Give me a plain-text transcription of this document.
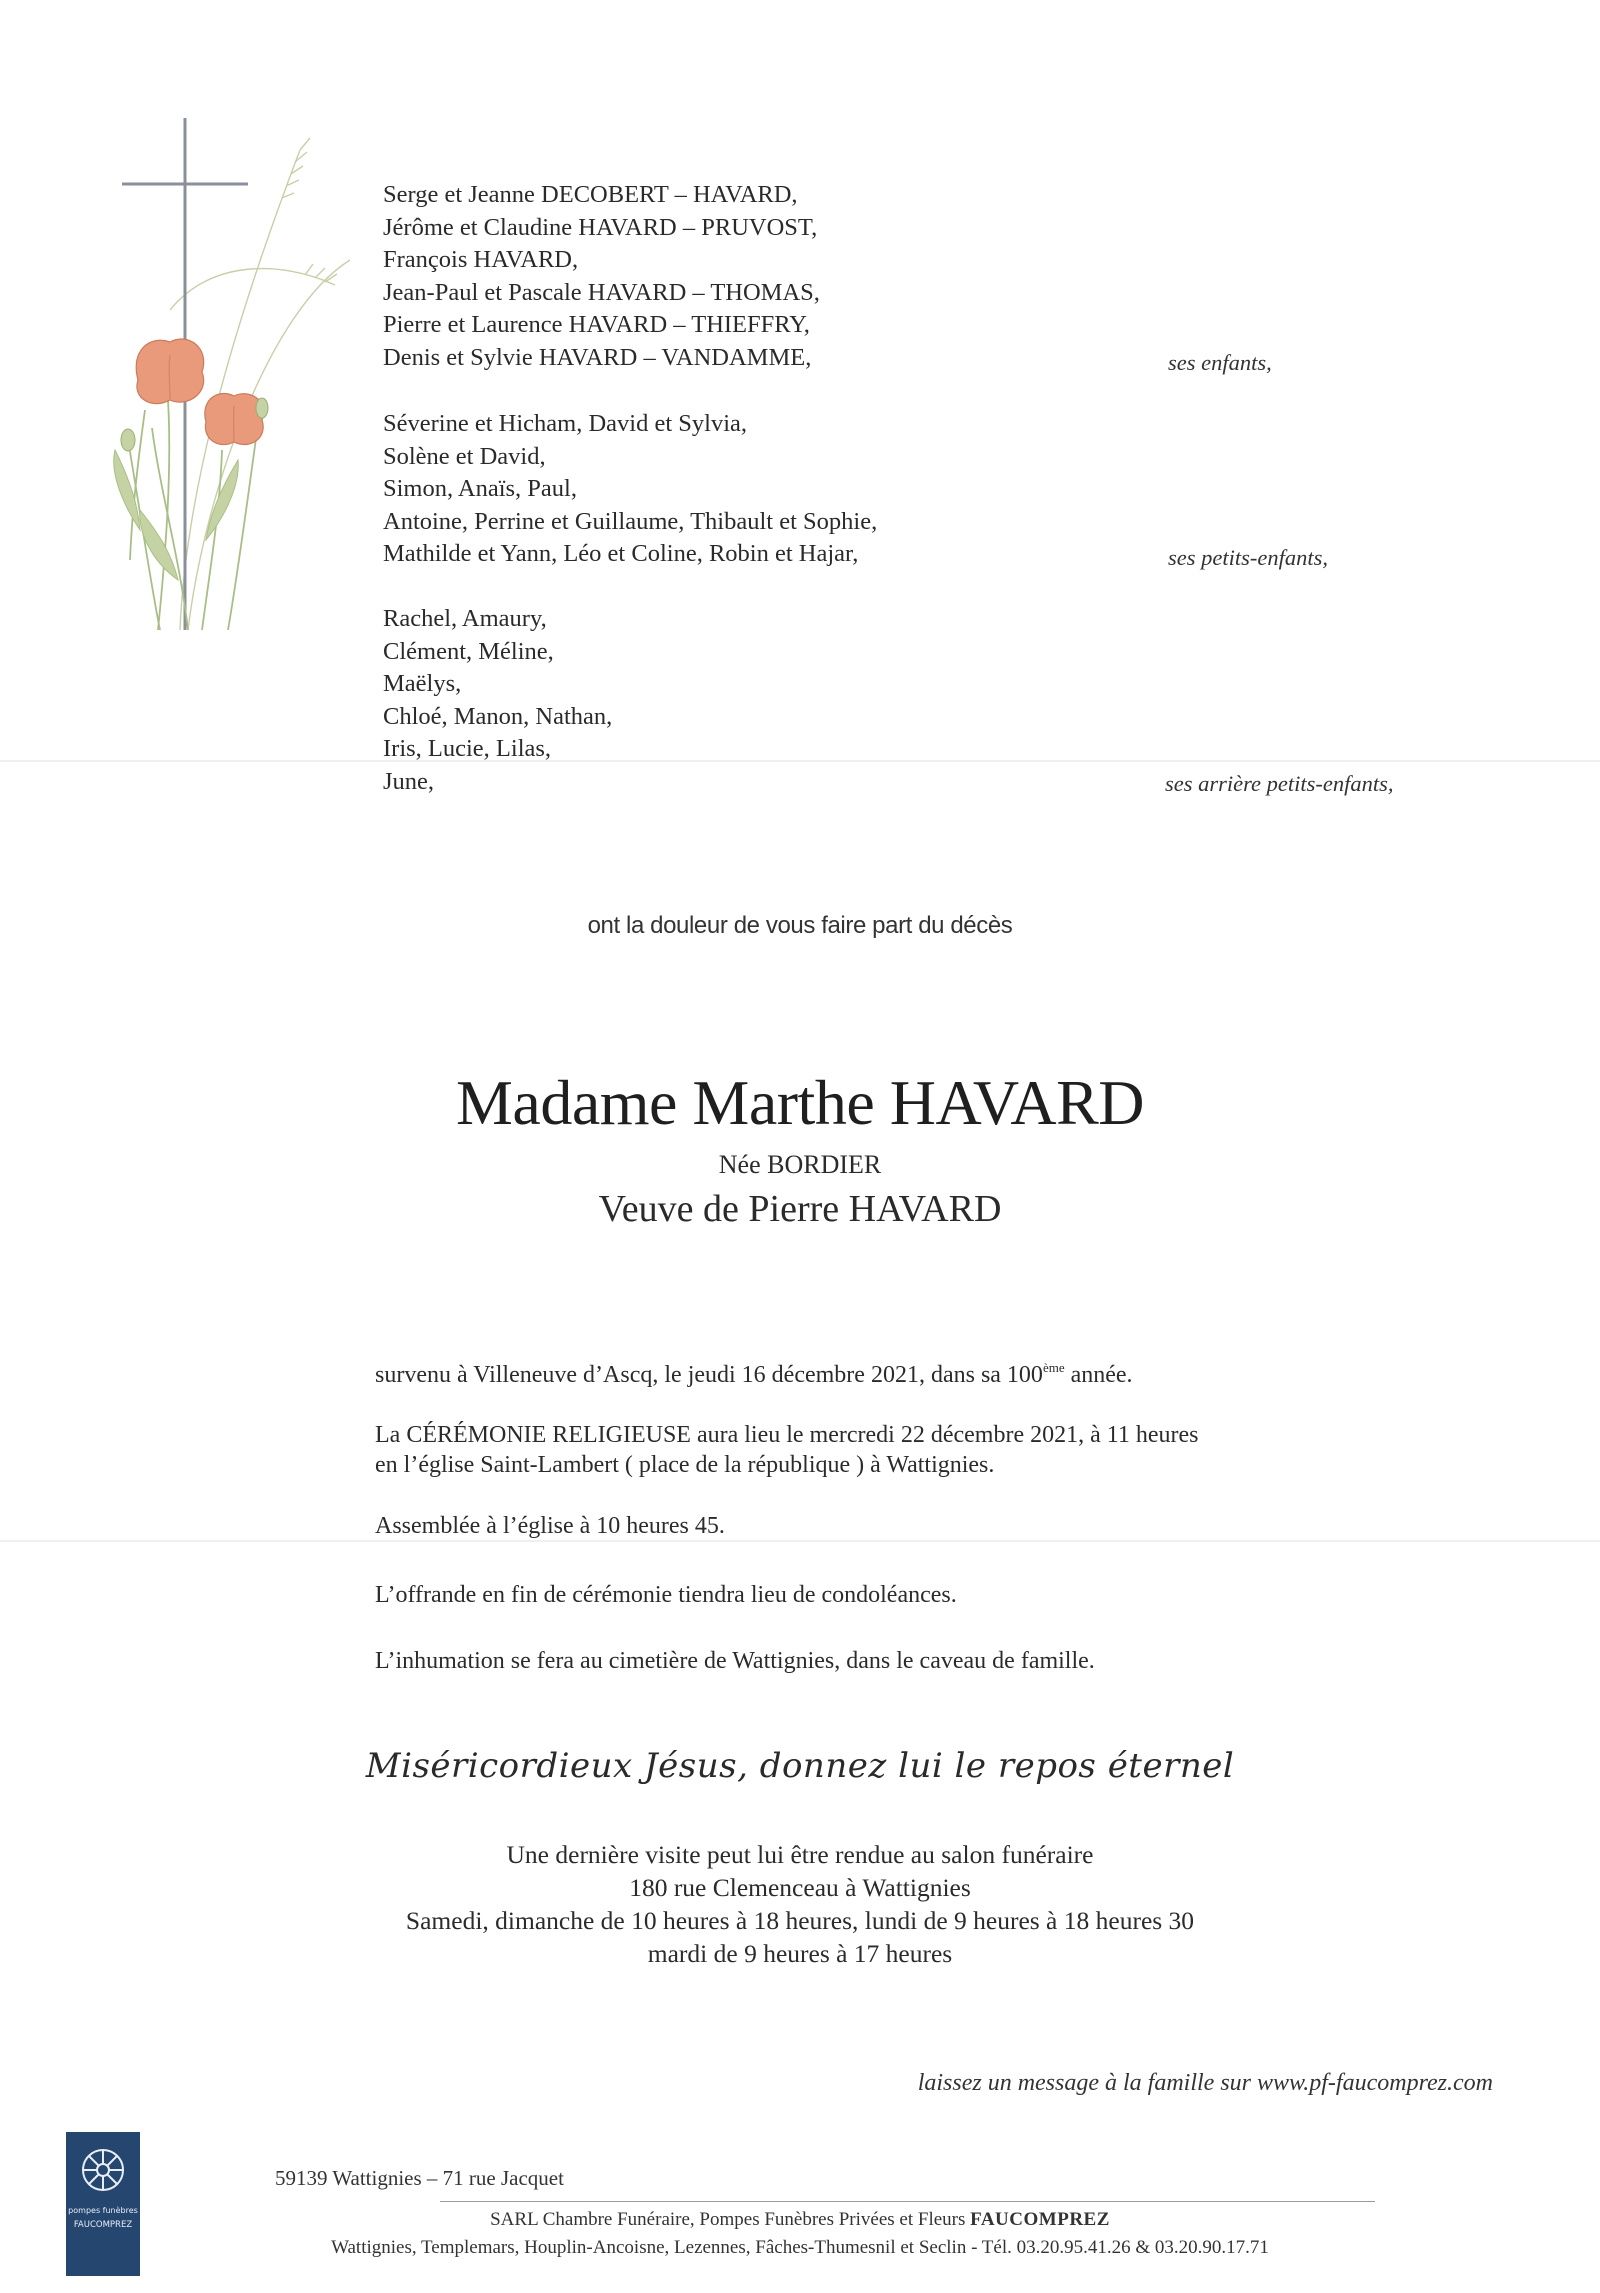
Serge et Jeanne DECOBERT – HAVARD,
Jérôme et Claudine HAVARD – PRUVOST,
François HAVARD,
Jean-Paul et Pascale HAVARD – THOMAS,
Pierre et Laurence HAVARD – THIEFFRY,
Denis et Sylvie HAVARD – VANDAMME,	ses enfants,
Séverine et Hicham, David et Sylvia,
Solène et David,
Simon, Anaïs, Paul,
Antoine, Perrine et Guillaume, Thibault et Sophie,
Mathilde et Yann, Léo et Coline, Robin et Hajar,	ses petits-enfants,
Rachel, Amaury,
Clément, Méline,
Maëlys,
Chloé, Manon, Nathan,
Iris, Lucie, Lilas,
June,	ses arrière petits-enfants,
ont la douleur de vous faire part du décès
Madame Marthe HAVARD
Née BORDIER
Veuve de Pierre HAVARD
survenu à Villeneuve d’Ascq, le jeudi 16 décembre 2021, dans sa 100ème année.
La CÉRÉMONIE RELIGIEUSE aura lieu le mercredi 22 décembre 2021, à 11 heures
en l’église Saint-Lambert ( place de la république ) à Wattignies.
Assemblée à l’église à 10 heures 45.
L’offrande en fin de cérémonie tiendra lieu de condoléances.
L’inhumation se fera au cimetière de Wattignies, dans le caveau de famille.
Miséricordieux Jésus, donnez lui le repos éternel
Une dernière visite peut lui être rendue au salon funéraire
180 rue Clemenceau à Wattignies
Samedi, dimanche de 10 heures à 18 heures, lundi de 9 heures à 18 heures 30
mardi de 9 heures à 17 heures
laissez un message à la famille sur www.pf-faucomprez.com
pompes funèbres
FAUCOMPREZ
59139 Wattignies – 71 rue Jacquet
SARL Chambre Funéraire, Pompes Funèbres Privées et Fleurs FAUCOMPREZ
Wattignies, Templemars, Houplin-Ancoisne, Lezennes, Fâches-Thumesnil et Seclin - Tél. 03.20.95.41.26 & 03.20.90.17.71
